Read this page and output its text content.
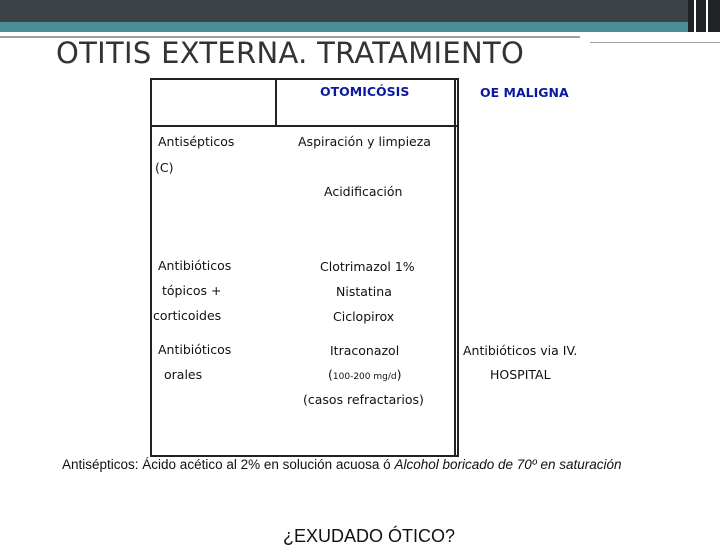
OTITIS EXTERNA. TRATAMIENTO
OTOMICÓSIS	OE MALIGNA
Antisépticos
(C)
Aspiración y limpieza
Acidificación
Antibióticos
tópicos +
corticoides
Clotrimazol 1%
Nistatina
Ciclopirox
Antibióticos
orales
Itraconazol
(100-200 mg/d)
(casos refractarios)
Antibióticos via IV.
HOSPITAL
Antisépticos: Ácido acético al 2% en solución acuosa ó Alcohol boricado de 70º en saturación
¿EXUDADO ÓTICO?
